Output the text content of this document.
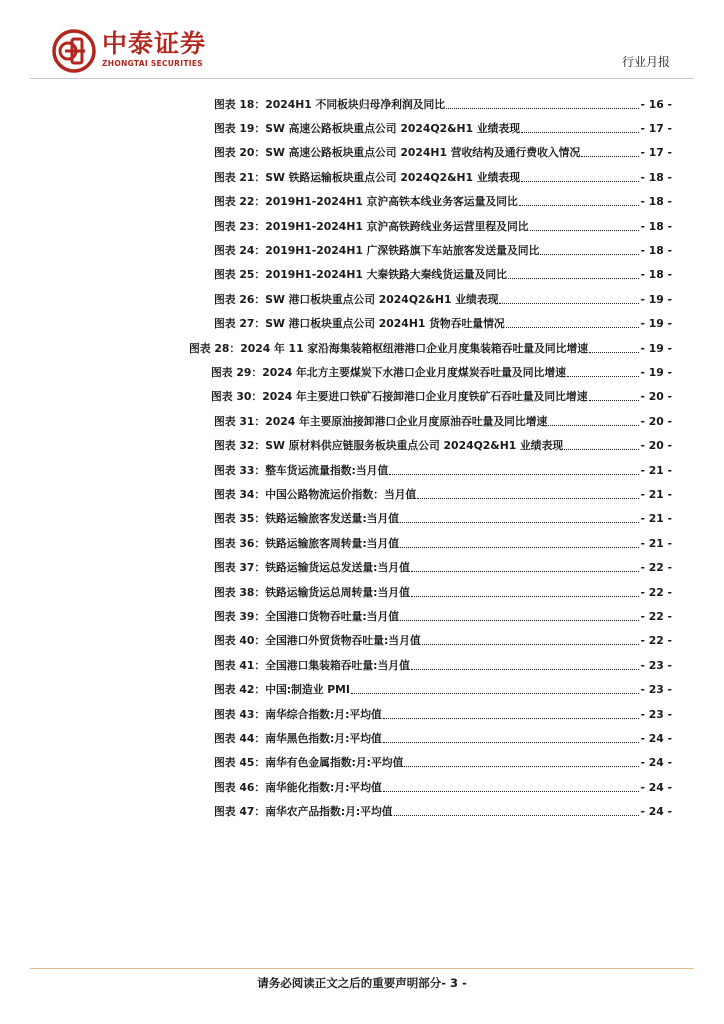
中泰证券
ZHONGTAI SECURITIES	行业月报
图表 18： 2024H1 不同板块归母净利润及同比	- 16 -
图表 19： SW 高速公路板块重点公司 2024Q2&H1 业绩表现	- 17 -
图表 20： SW 高速公路板块重点公司 2024H1 营收结构及通行费收入情况	- 17 -
图表 21： SW 铁路运输板块重点公司 2024Q2&H1 业绩表现	- 18 -
图表 22： 2019H1-2024H1 京沪高铁本线业务客运量及同比	- 18 -
图表 23： 2019H1-2024H1 京沪高铁跨线业务运营里程及同比	- 18 -
图表 24： 2019H1-2024H1 广深铁路旗下车站旅客发送量及同比	- 18 -
图表 25： 2019H1-2024H1 大秦铁路大秦线货运量及同比	- 18 -
图表 26： SW 港口板块重点公司 2024Q2&H1 业绩表现	- 19 -
图表 27： SW 港口板块重点公司 2024H1 货物吞吐量情况	- 19 -
图表 28： 2024 年 11 家沿海集装箱枢纽港港口企业月度集装箱吞吐量及同比增速	- 19 -
图表 29： 2024 年北方主要煤炭下水港口企业月度煤炭吞吐量及同比增速	- 19 -
图表 30： 2024 年主要进口铁矿石接卸港口企业月度铁矿石吞吐量及同比增速	- 20 -
图表 31： 2024 年主要原油接卸港口企业月度原油吞吐量及同比增速	- 20 -
图表 32： SW 原材料供应链服务板块重点公司 2024Q2&H1 业绩表现	- 20 -
图表 33： 整车货运流量指数:当月值	- 21 -
图表 34： 中国公路物流运价指数：当月值	- 21 -
图表 35： 铁路运输旅客发送量:当月值	- 21 -
图表 36： 铁路运输旅客周转量:当月值	- 21 -
图表 37： 铁路运输货运总发送量:当月值	- 22 -
图表 38： 铁路运输货运总周转量:当月值	- 22 -
图表 39： 全国港口货物吞吐量:当月值	- 22 -
图表 40： 全国港口外贸货物吞吐量:当月值	- 22 -
图表 41： 全国港口集装箱吞吐量:当月值	- 23 -
图表 42： 中国:制造业 PMI	- 23 -
图表 43： 南华综合指数:月:平均值	- 23 -
图表 44： 南华黑色指数:月:平均值	- 24 -
图表 45： 南华有色金属指数:月:平均值	- 24 -
图表 46： 南华能化指数:月:平均值	- 24 -
图表 47： 南华农产品指数:月:平均值	- 24 -
请务必阅读正文之后的重要声明部分- 3 -
